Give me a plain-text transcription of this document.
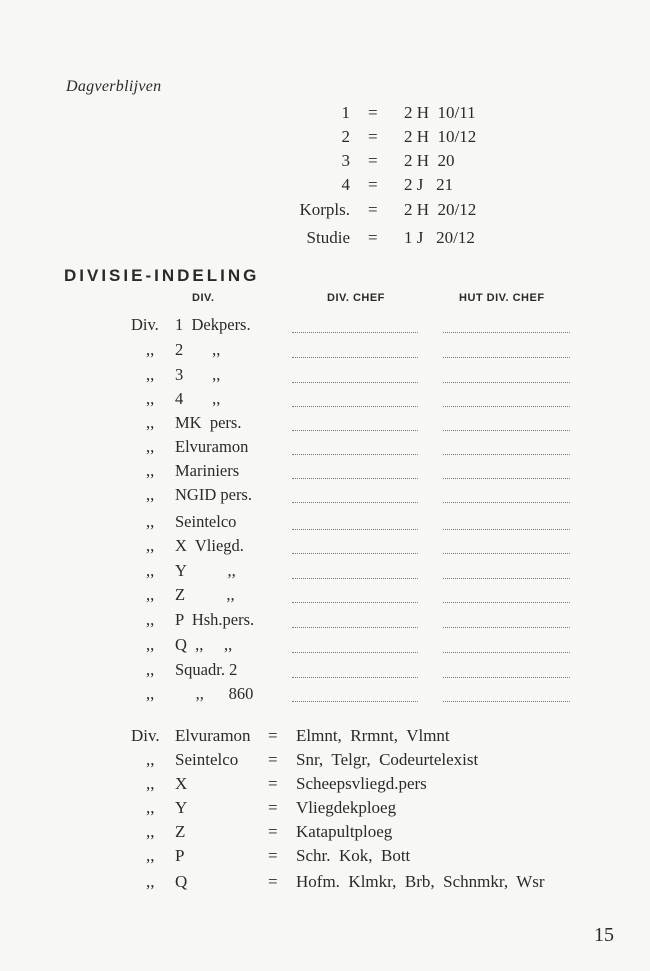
Dagverblijven
1 = 2 H  10/11
2 = 2 H  10/12
3 = 2 H  20
4 = 2 J   21
Korpls. = 2 H  20/12
Studie = 1 J   20/12
DIVISIE-INDELING
DIV.	DIV. CHEF	HUT DIV. CHEF
Div. 1  Dekpers.
,, 2       ,,
,, 3       ,,
,, 4       ,,
,, MK  pers.
,, Elvuramon
,, Mariniers
,, NGID pers.
,, Seintelco
,, X  Vliegd.
,, Y          ,,
,, Z          ,,
,, P  Hsh.pers.
,, Q  ,,     ,,
,, Squadr. 2
,, ,,      860
Div. Elvuramon = Elmnt,  Rrmnt,  Vlmnt
,, Seintelco = Snr,  Telgr,  Codeurtelexist
,, X	= Scheepsvliegd.pers
,, Y	= Vliegdekploeg
,, Z	= Katapultploeg
,, P	= Schr.  Kok,  Bott
,, Q	= Hofm.  Klmkr,  Brb,  Schnmkr,  Wsr
15
